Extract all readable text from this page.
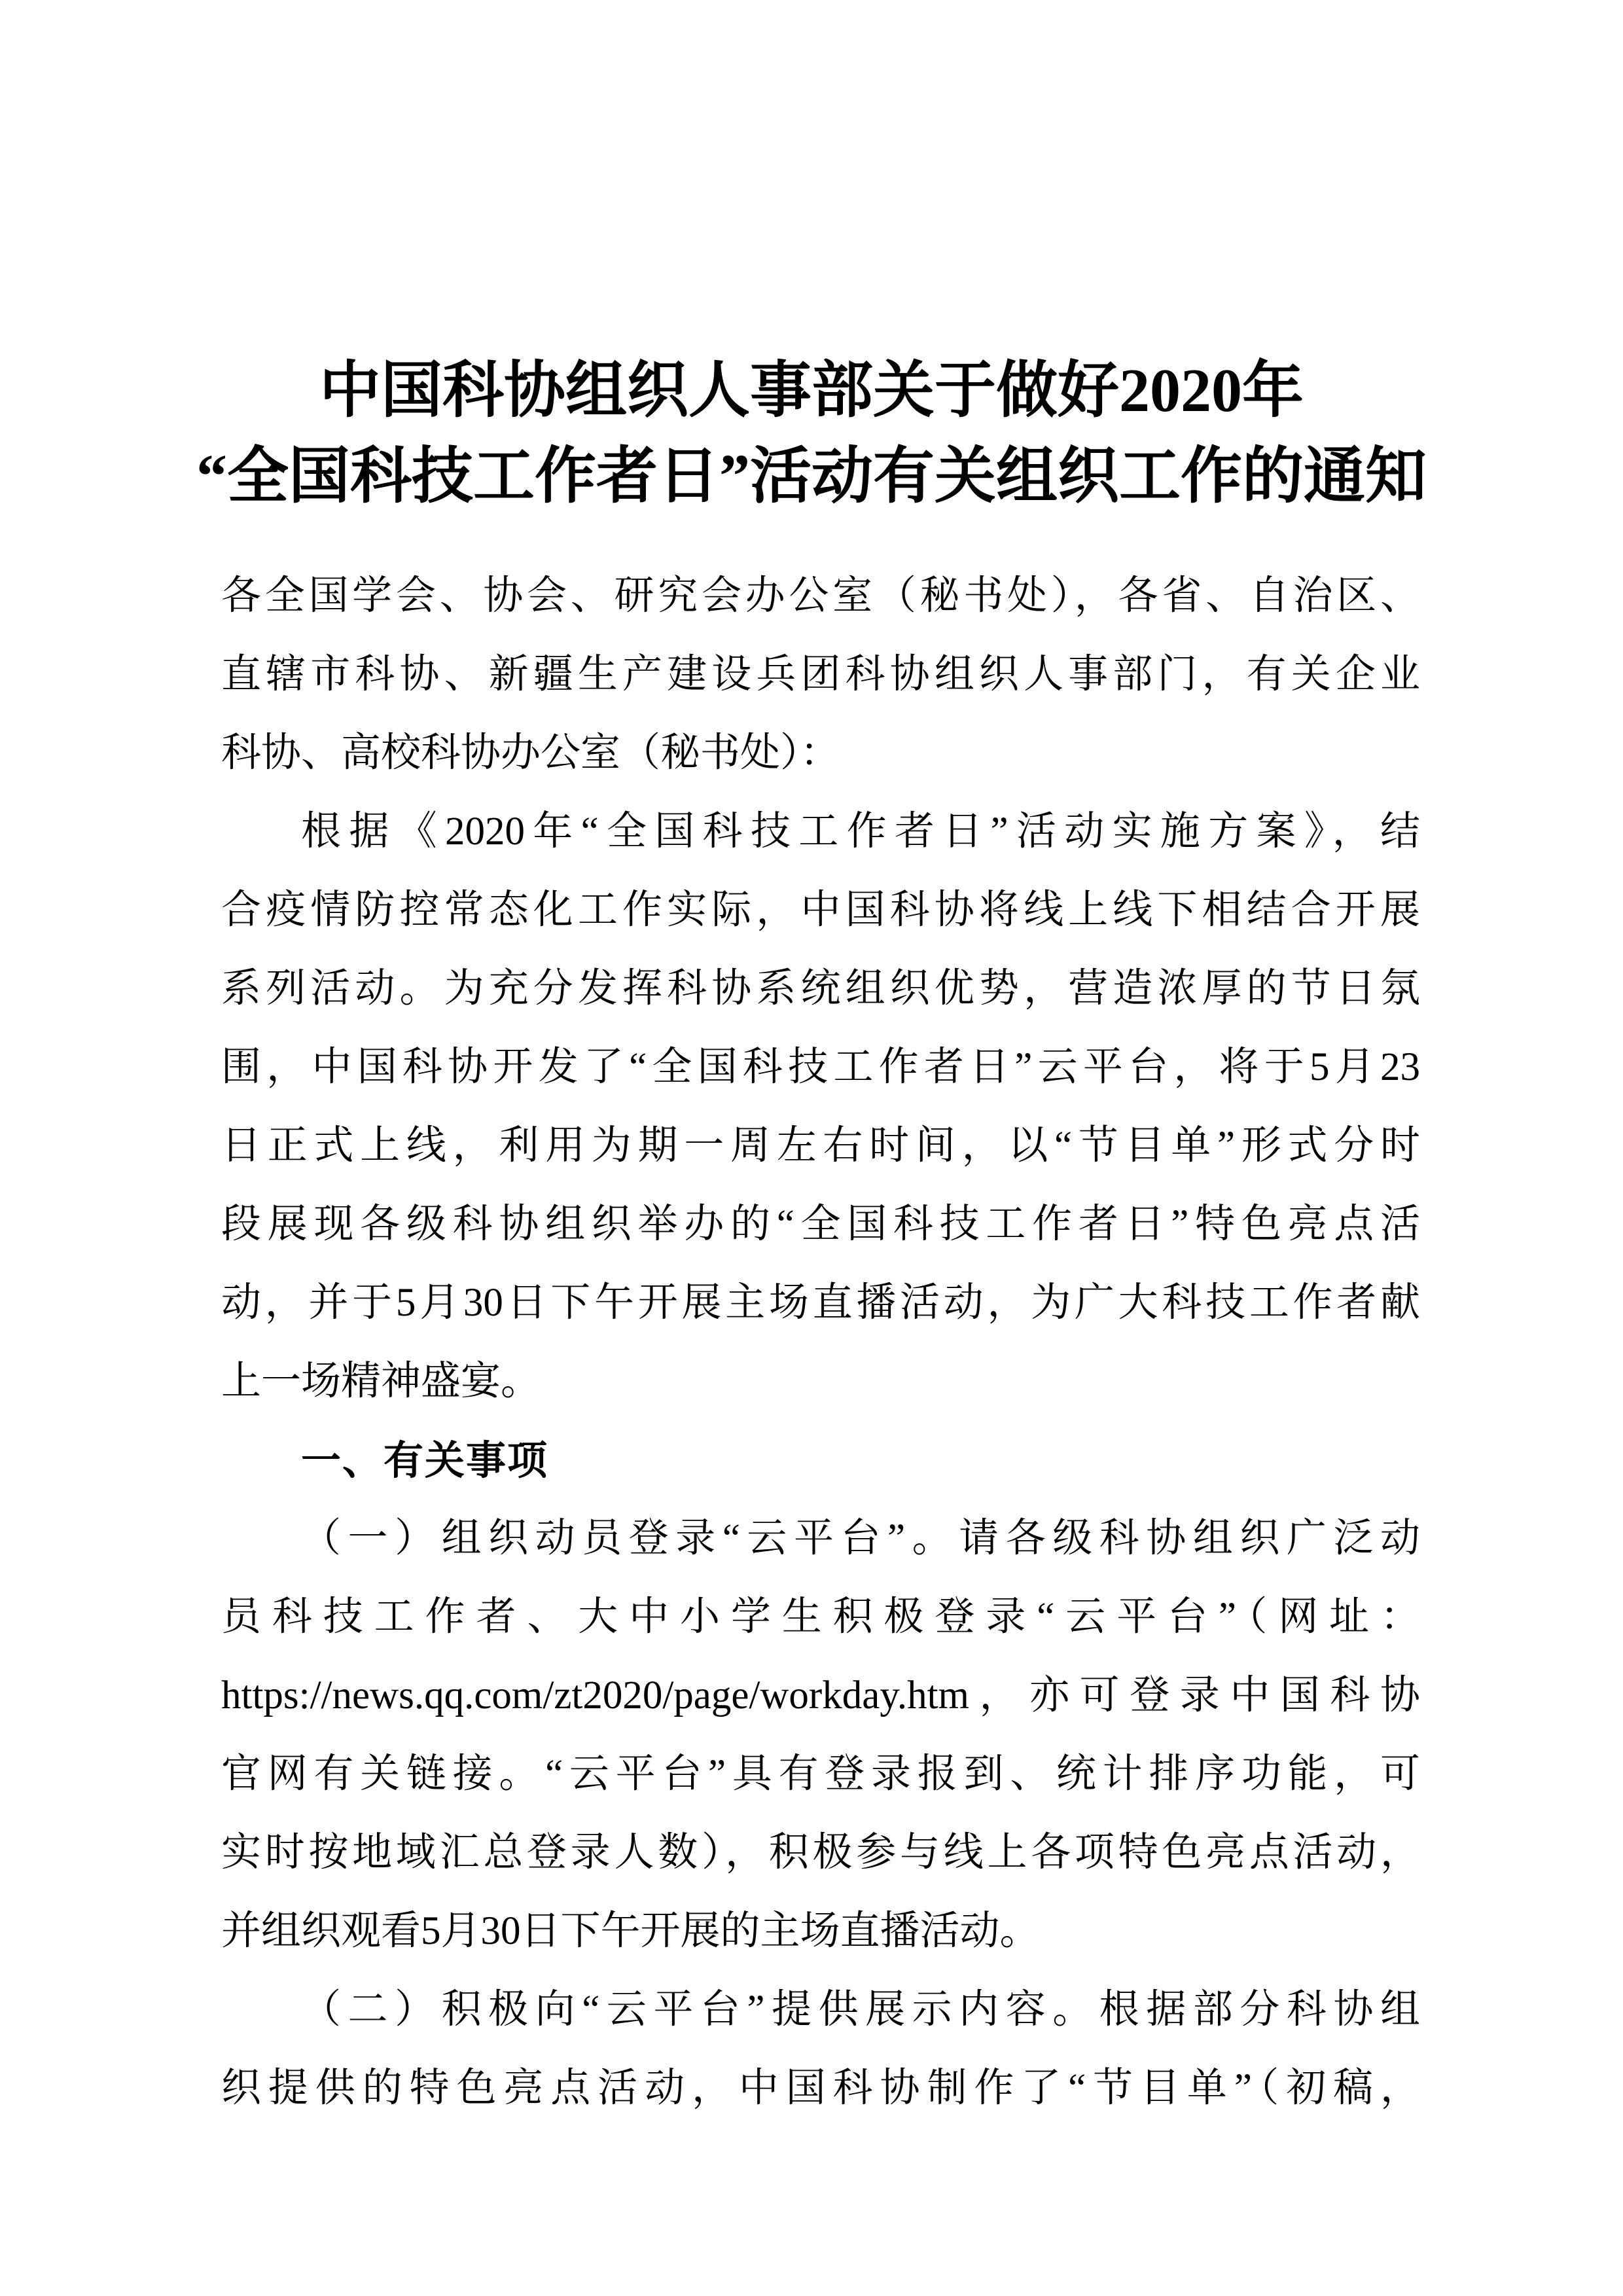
中国科协组织人事部关于做好2020年
“全国科技工作者日”活动有关组织工作的通知
各全国学会、协会、研究会办公室（秘书处），各省、自治区、
直辖市科协、新疆生产建设兵团科协组织人事部门，有关企业
科协、高校科协办公室（秘书处）：
根据《2020年“全国科技工作者日”活动实施方案》，结
合疫情防控常态化工作实际，中国科协将线上线下相结合开展
系列活动。为充分发挥科协系统组织优势，营造浓厚的节日氛
围，中国科协开发了“全国科技工作者日”云平台，将于5月23
日正式上线，利用为期一周左右时间，以“节目单”形式分时
段展现各级科协组织举办的“全国科技工作者日”特色亮点活
动，并于5月30日下午开展主场直播活动，为广大科技工作者献
上一场精神盛宴。
一、有关事项
（一）组织动员登录“云平台”。请各级科协组织广泛动
员科技工作者、大中小学生积极登录“云平台”（网址：
https://news.qq.com/zt2020/page/workday.htm，亦可登录中国科协
官网有关链接。“云平台”具有登录报到、统计排序功能，可
实时按地域汇总登录人数），积极参与线上各项特色亮点活动，
并组织观看5月30日下午开展的主场直播活动。
（二）积极向“云平台”提供展示内容。根据部分科协组
织提供的特色亮点活动，中国科协制作了“节目单”（初稿，
